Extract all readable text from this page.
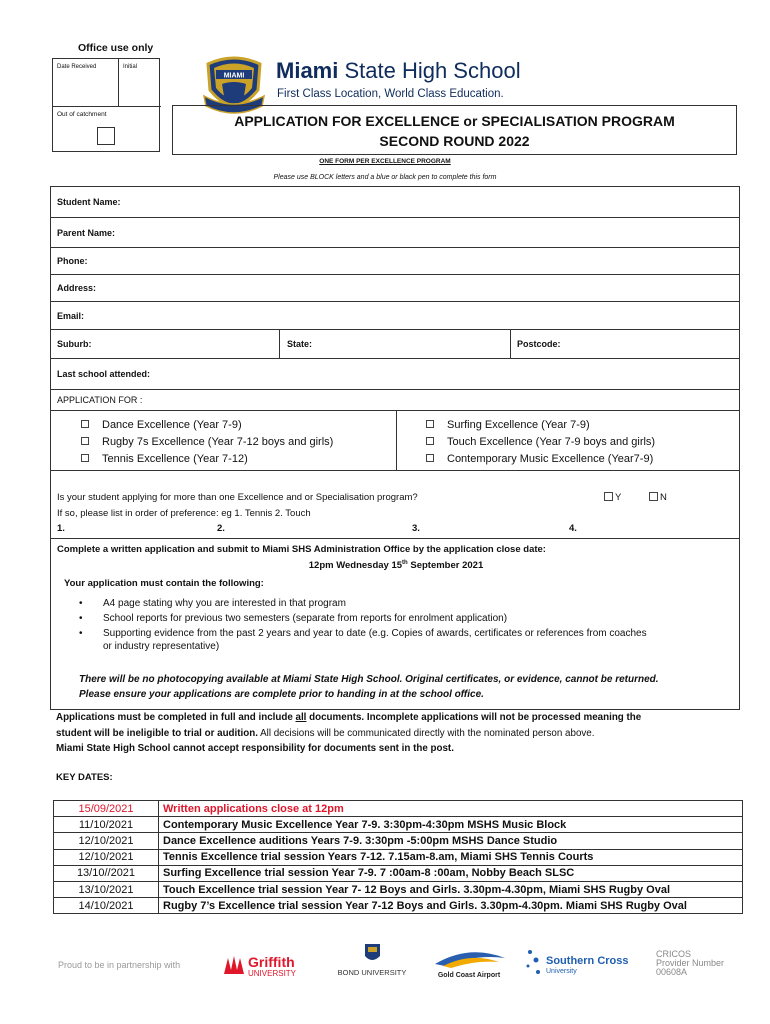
Office use only
Date Received	Initial
Out of catchment
MIAMI Miami State High School
First Class Location, World Class Education.
APPLICATION FOR EXCELLENCE or SPECIALISATION PROGRAM
SECOND ROUND 2022
ONE FORM PER EXCELLENCE PROGRAM
Please use BLOCK letters and a blue or black pen to complete this form
Student Name:
Parent Name:
Phone:
Address:
Email:
Suburb:	State:	Postcode:
Last school attended:
APPLICATION FOR :
Dance Excellence (Year 7-9)
Rugby 7s Excellence (Year 7-12 boys and girls)
Tennis Excellence (Year 7-12)
Surfing Excellence (Year 7-9)
Touch Excellence (Year 7-9 boys and girls)
Contemporary Music Excellence (Year7-9)
Is your student applying for more than one Excellence and or Specialisation program?	Y	N
If so, please list in order of preference: eg 1. Tennis 2. Touch
1.	2.	3.	4.
Complete a written application and submit to Miami SHS Administration Office by the application close date:
12pm Wednesday 15th September 2021
Your application must contain the following:
• A4 page stating why you are interested in that program
• School reports for previous two semesters (separate from reports for enrolment application)
• Supporting evidence from the past 2 years and year to date (e.g. Copies of awards, certificates or references from coaches
or industry representative)
There will be no photocopying available at Miami State High School. Original certificates, or evidence, cannot be returned.
Please ensure your applications are complete prior to handing in at the school office.
Applications must be completed in full and include all documents. Incomplete applications will not be processed meaning the
student will be ineligible to trial or audition. All decisions will be communicated directly with the nominated person above.
Miami State High School cannot accept responsibility for documents sent in the post.
KEY DATES:
15/09/2021	Written applications close at 12pm
11/10/2021	Contemporary Music Excellence Year 7-9. 3:30pm-4:30pm MSHS Music Block
12/10/2021	Dance Excellence auditions Years 7-9. 3:30pm -5:00pm MSHS Dance Studio
12/10/2021	Tennis Excellence trial session Years 7-12. 7.15am-8.am, Miami SHS Tennis Courts
13/10//2021	Surfing Excellence trial session Year 7-9. 7 :00am-8 :00am, Nobby Beach SLSC
13/10/2021	Touch Excellence trial session Year 7- 12 Boys and Girls. 3.30pm-4.30pm, Miami SHS Rugby Oval
14/10/2021	Rugby 7’s Excellence trial session Year 7-12 Boys and Girls. 3.30pm-4.30pm. Miami SHS Rugby Oval
Proud to be in partnership with	Griffith
UNIVERSITY	BOND UNIVERSITY	Gold Coast Airport
Southern Cross
University
CRICOS
Provider Number
00608A
